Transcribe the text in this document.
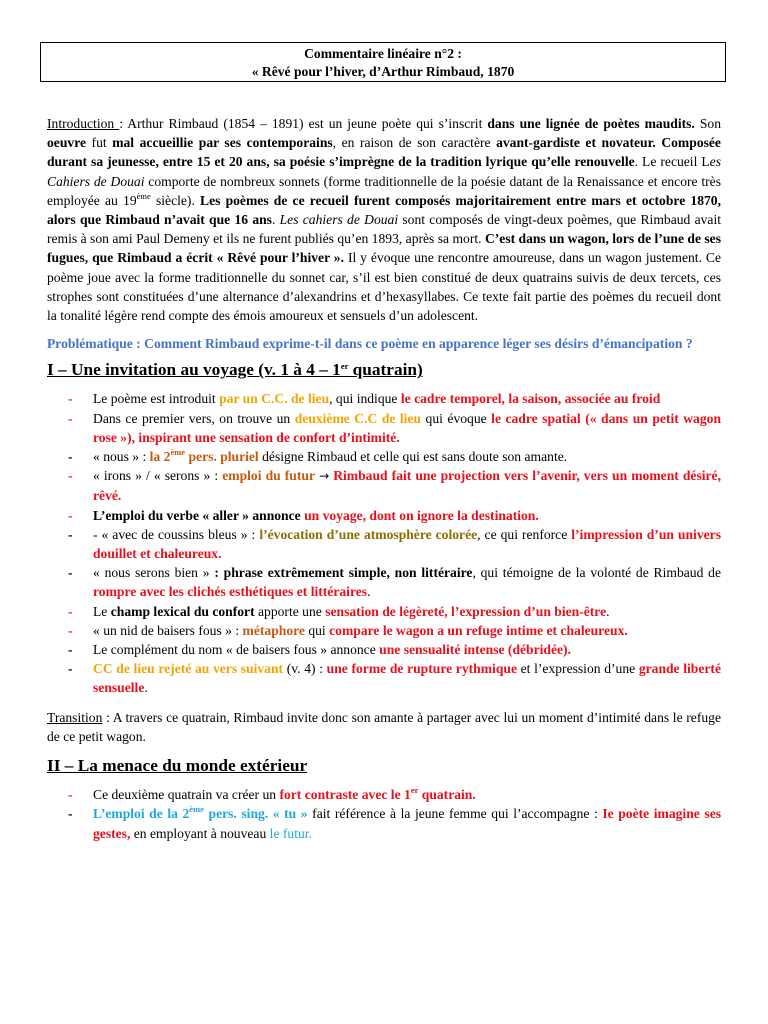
Commentaire linéaire n°2 :
« Rêvé pour l’hiver, d’Arthur Rimbaud, 1870

Introduction : Arthur Rimbaud (1854 – 1891) est un jeune poète qui s’inscrit dans une lignée de poètes maudits. Son oeuvre fut mal accueillie par ses contemporains, en raison de son caractère avant-gardiste et novateur. Composée durant sa jeunesse, entre 15 et 20 ans, sa poésie s’imprègne de la tradition lyrique qu’elle renouvelle. Le recueil Les Cahiers de Douai comporte de nombreux sonnets (forme traditionnelle de la poésie datant de la Renaissance et encore très employée au 19ème siècle). Les poèmes de ce recueil furent composés majoritairement entre mars et octobre 1870, alors que Rimbaud n’avait que 16 ans. Les cahiers de Douai sont composés de vingt-deux poèmes, que Rimbaud avait remis à son ami Paul Demeny et ils ne furent publiés qu’en 1893, après sa mort. C’est dans un wagon, lors de l’une de ses fugues, que Rimbaud a écrit « Rêvé pour l’hiver ». Il y évoque une rencontre amoureuse, dans un wagon justement. Ce poème joue avec la forme traditionnelle du sonnet car, s’il est bien constitué de deux quatrains suivis de deux tercets, ces strophes sont constituées d’une alternance d’alexandrins et d’hexasyllabes. Ce texte fait partie des poèmes du recueil dont la tonalité légère rend compte des émois amoureux et sensuels d’un adolescent.

Problématique : Comment Rimbaud exprime-t-il dans ce poème en apparence léger ses désirs d’émancipation ?

I – Une invitation au voyage (v. 1 à 4 – 1er quatrain)
- Le poème est introduit par un C.C. de lieu, qui indique le cadre temporel, la saison, associée au froid
- Dans ce premier vers, on trouve un deuxième C.C de lieu qui évoque le cadre spatial (« dans un petit wagon rose »), inspirant une sensation de confort d’intimité.
- « nous » : la 2ème pers. pluriel désigne Rimbaud et celle qui est sans doute son amante.
- « irons » / « serons » : emploi du futur → Rimbaud fait une projection vers l’avenir, vers un moment désiré, rêvé.
- L’emploi du verbe « aller » annonce un voyage, dont on ignore la destination.
- - « avec de coussins bleus » : l’évocation d’une atmosphère colorée, ce qui renforce l’impression d’un univers douillet et chaleureux.
- « nous serons bien » : phrase extrêmement simple, non littéraire, qui témoigne de la volonté de Rimbaud de rompre avec les clichés esthétiques et littéraires.
- Le champ lexical du confort apporte une sensation de légèreté, l’expression d’un bien-être.
- « un nid de baisers fous » : métaphore qui compare le wagon a un refuge intime et chaleureux.
- Le complément du nom « de baisers fous » annonce une sensualité intense (débridée).
- CC de lieu rejeté au vers suivant (v. 4) : une forme de rupture rythmique et l’expression d’une grande liberté sensuelle.

Transition : A travers ce quatrain, Rimbaud invite donc son amante à partager avec lui un moment d’intimité dans le refuge de ce petit wagon.

II – La menace du monde extérieur
- Ce deuxième quatrain va créer un fort contraste avec le 1er quatrain.
- L’emploi de la 2ème pers. sing. « tu » fait référence à la jeune femme qui l’accompagne : Ie poète imagine ses gestes, en employant à nouveau le futur.
